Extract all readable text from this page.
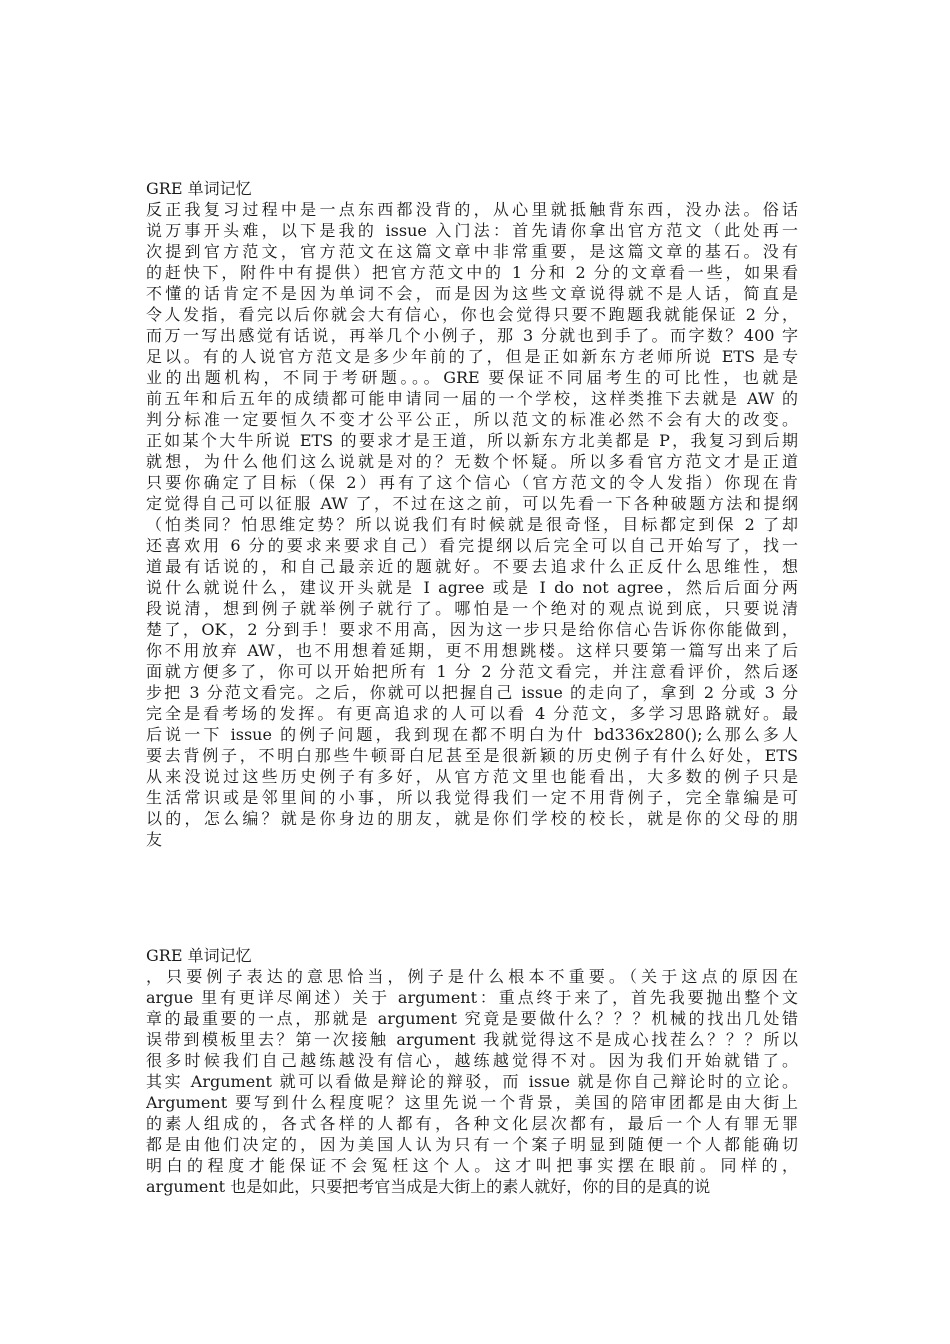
GRE 单词记忆
反正我复习过程中是一点东西都没背的，从心里就抵触背东西，没办法。俗话
说万事开头难，以下是我的 issue 入门法：首先请你拿出官方范文（此处再一
次提到官方范文，官方范文在这篇文章中非常重要，是这篇文章的基石。没有
的赶快下，附件中有提供）把官方范文中的 1 分和 2 分的文章看一些，如果看
不懂的话肯定不是因为单词不会，而是因为这些文章说得就不是人话，简直是
令人发指，看完以后你就会大有信心，你也会觉得只要不跑题我就能保证 2 分，
而万一写出感觉有话说，再举几个小例子，那 3 分就也到手了。而字数？400 字
足以。有的人说官方范文是多少年前的了，但是正如新东方老师所说 ETS 是专
业的出题机构，不同于考研题。。。GRE 要保证不同届考生的可比性，也就是
前五年和后五年的成绩都可能申请同一届的一个学校，这样类推下去就是 AW 的
判分标准一定要恒久不变才公平公正，所以范文的标准必然不会有大的改变。
正如某个大牛所说 ETS 的要求才是王道，所以新东方北美都是 P，我复习到后期
就想，为什么他们这么说就是对的？无数个怀疑。所以多看官方范文才是正道
只要你确定了目标（保 2）再有了这个信心（官方范文的令人发指）你现在肯
定觉得自己可以征服 AW 了，不过在这之前，可以先看一下各种破题方法和提纲
（怕类同？怕思维定势？所以说我们有时候就是很奇怪，目标都定到保 2 了却
还喜欢用 6 分的要求来要求自己）看完提纲以后完全可以自己开始写了，找一
道最有话说的，和自己最亲近的题就好。不要去追求什么正反什么思维性，想
说什么就说什么，建议开头就是 I agree 或是 I do not agree，然后后面分两
段说清，想到例子就举例子就行了。哪怕是一个绝对的观点说到底，只要说清
楚了，OK，2 分到手！要求不用高，因为这一步只是给你信心告诉你你能做到，
你不用放弃 AW，也不用想着延期，更不用想跳楼。这样只要第一篇写出来了后
面就方便多了，你可以开始把所有 1 分 2 分范文看完，并注意看评价，然后逐
步把 3 分范文看完。之后，你就可以把握自己 issue 的走向了，拿到 2 分或 3 分
完全是看考场的发挥。有更高追求的人可以看 4 分范文，多学习思路就好。最
后说一下 issue 的例子问题，我到现在都不明白为什 bd336x280();么那么多人
要去背例子，不明白那些牛顿哥白尼甚至是很新颖的历史例子有什么好处，ETS
从来没说过这些历史例子有多好，从官方范文里也能看出，大多数的例子只是
生活常识或是邻里间的小事，所以我觉得我们一定不用背例子，完全靠编是可
以的，怎么编？就是你身边的朋友，就是你们学校的校长，就是你的父母的朋
友
GRE 单词记忆
，只要例子表达的意思恰当，例子是什么根本不重要。（关于这点的原因在
argue 里有更详尽阐述）关于 argument：重点终于来了，首先我要抛出整个文
章的最重要的一点，那就是 argument 究竟是要做什么？？？机械的找出几处错
误带到模板里去？第一次接触 argument 我就觉得这不是成心找茬么？？？所以
很多时候我们自己越练越没有信心，越练越觉得不对。因为我们开始就错了。
其实 Argument 就可以看做是辩论的辩驳，而 issue 就是你自己辩论时的立论。
Argument 要写到什么程度呢？这里先说一个背景，美国的陪审团都是由大街上
的素人组成的，各式各样的人都有，各种文化层次都有，最后一个人有罪无罪
都是由他们决定的，因为美国人认为只有一个案子明显到随便一个人都能确切
明白的程度才能保证不会冤枉这个人。这才叫把事实摆在眼前。同样的，
argument 也是如此，只要把考官当成是大街上的素人就好，你的目的是真的说
